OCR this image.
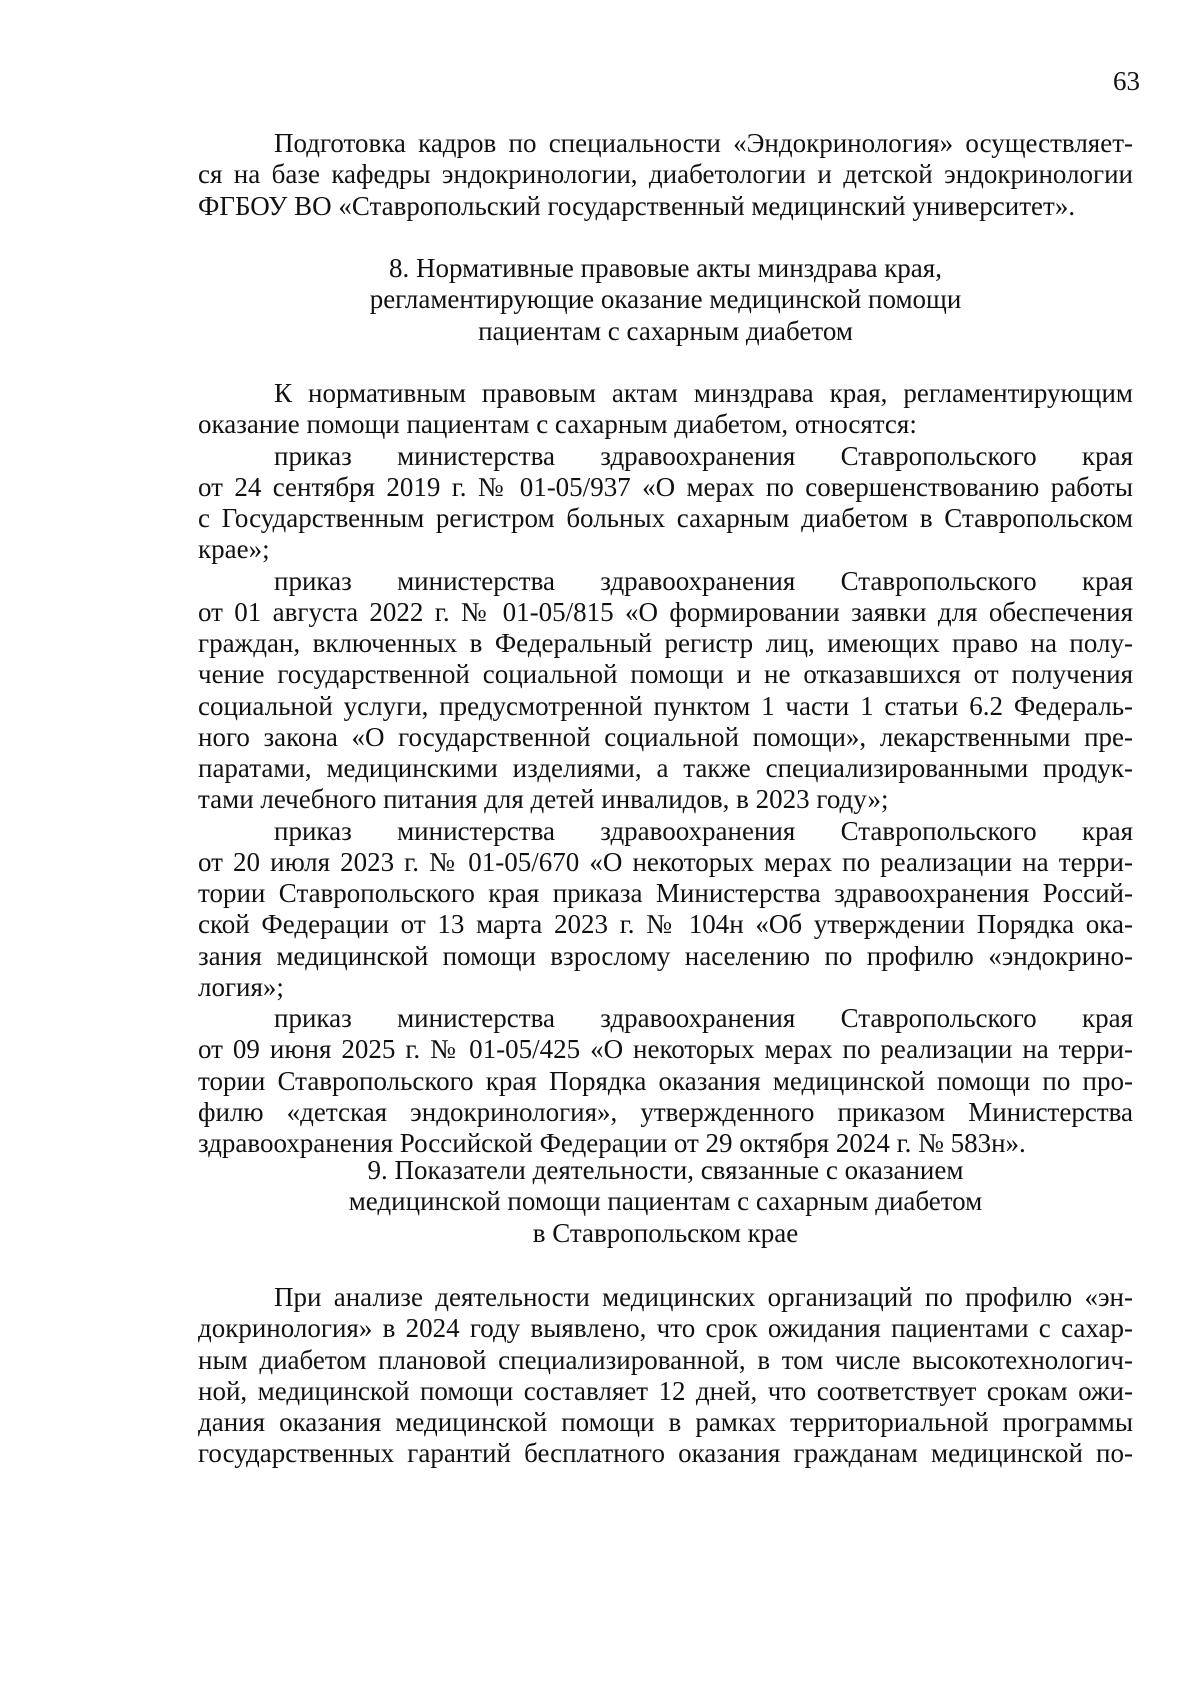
63
Подготовка кадров по специальности «Эндокринология» осуществляет-
ся на базе кафедры эндокринологии, диабетологии и детской эндокринологии
ФГБОУ ВО «Ставропольский государственный медицинский университет».
8. Нормативные правовые акты минздрава края,
регламентирующие оказание медицинской помощи
пациентам с сахарным диабетом
К нормативным правовым актам минздрава края, регламентирующим
оказание помощи пациентам с сахарным диабетом, относятся:
приказ министерства здравоохранения Ставропольского края
от 24 сентября 2019 г. № 01-05/937 «О мерах по совершенствованию работы
с Государственным регистром больных сахарным диабетом в Ставропольском
крае»;
приказ министерства здравоохранения Ставропольского края
от 01 августа 2022 г. № 01-05/815 «О формировании заявки для обеспечения
граждан, включенных в Федеральный регистр лиц, имеющих право на полу-
чение государственной социальной помощи и не отказавшихся от получения
социальной услуги, предусмотренной пунктом 1 части 1 статьи 6.2 Федераль-
ного закона «О государственной социальной помощи», лекарственными пре-
паратами, медицинскими изделиями, а также специализированными продук-
тами лечебного питания для детей инвалидов, в 2023 году»;
приказ министерства здравоохранения Ставропольского края
от 20 июля 2023 г. № 01-05/670 «О некоторых мерах по реализации на терри-
тории Ставропольского края приказа Министерства здравоохранения Россий-
ской Федерации от 13 марта 2023 г. № 104н «Об утверждении Порядка ока-
зания медицинской помощи взрослому населению по профилю «эндокрино-
логия»;
приказ министерства здравоохранения Ставропольского края
от 09 июня 2025 г. № 01-05/425 «О некоторых мерах по реализации на терри-
тории Ставропольского края Порядка оказания медицинской помощи по про-
филю «детская эндокринология», утвержденного приказом Министерства
здравоохранения Российской Федерации от 29 октября 2024 г. № 583н».
9. Показатели деятельности, связанные с оказанием
медицинской помощи пациентам с сахарным диабетом
в Ставропольском крае
При анализе деятельности медицинских организаций по профилю «эн-
докринология» в 2024 году выявлено, что срок ожидания пациентами с сахар-
ным диабетом плановой специализированной, в том числе высокотехнологич-
ной, медицинской помощи составляет 12 дней, что соответствует срокам ожи-
дания оказания медицинской помощи в рамках территориальной программы
государственных гарантий бесплатного оказания гражданам медицинской по-
